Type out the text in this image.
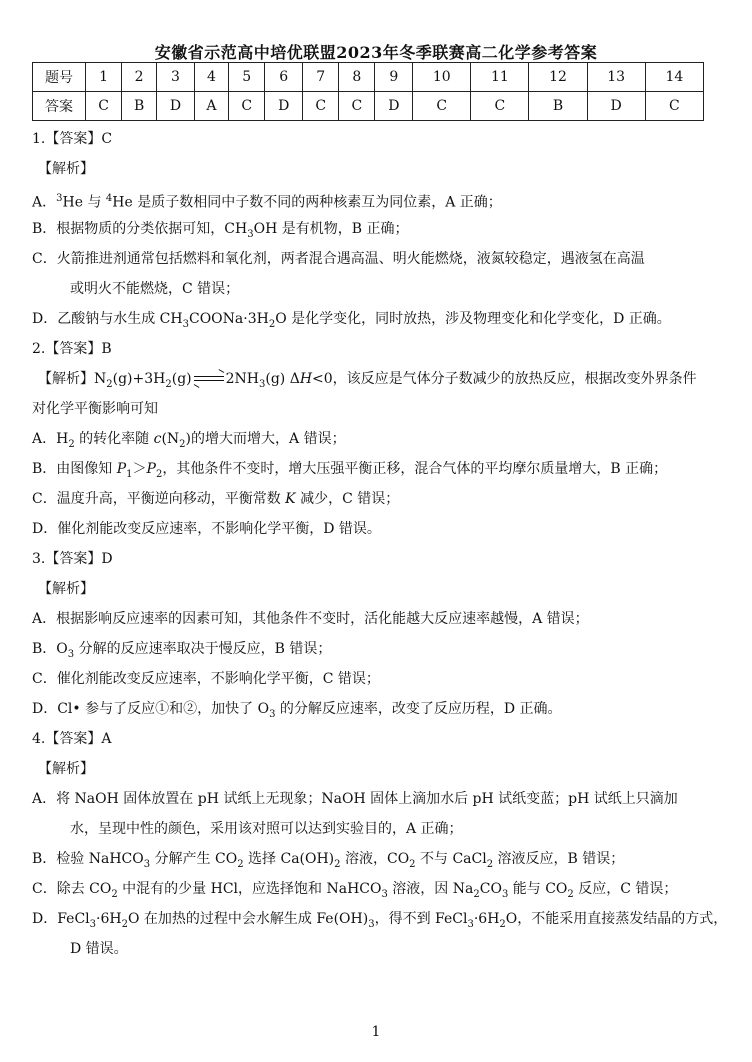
安徽省示范高中培优联盟2023年冬季联赛高二化学参考答案
题号	1	2	3	4	5	6	7	8	9	10	11	12	13	14
答案	C	B	D	A	C	D	C	C	D	C	C	B	D	C
1.【答案】C
【解析】
A．$^3$He 与 $^4$He 是质子数相同中子数不同的两种核素互为同位素，A 正确；
B．根据物质的分类依据可知，$CH_3OH$ 是有机物，B 正确；
C．火箭推进剂通常包括燃料和氧化剂，两者混合遇高温、明火能燃烧，液氮较稳定，遇液氢在高温
或明火不能燃烧，C 错误；
D．乙酸钠与水生成 $CH_3COONa\cdot 3H_2O$ 是化学变化，同时放热，涉及物理变化和化学变化，D 正确。
2.【答案】B
【解析】$N_2(g)+3H_2(g)$ $2NH_3(g)$ ΔH<0，该反应是气体分子数减少的放热反应，根据改变外界条件
对化学平衡影响可知
A．$H_2$ 的转化率随 $c(N_2)$的增大而增大，A 错误；
B．由图像知 $P_1>P_2$，其他条件不变时，增大压强平衡正移，混合气体的平均摩尔质量增大，B 正确；
C．温度升高，平衡逆向移动，平衡常数 K 减少，C 错误；
D．催化剂能改变反应速率，不影响化学平衡，D 错误。
3.【答案】D
【解析】
A．根据影响反应速率的因素可知，其他条件不变时，活化能越大反应速率越慢，A 错误；
B．$O_3$ 分解的反应速率取决于慢反应，B 错误；
C．催化剂能改变反应速率，不影响化学平衡，C 错误；
D．Cl• 参与了反应①和②，加快了 $O_3$ 的分解反应速率，改变了反应历程，D 正确。
4.【答案】A
【解析】
A．将 NaOH 固体放置在 pH 试纸上无现象；NaOH 固体上滴加水后 pH 试纸变蓝；pH 试纸上只滴加
水，呈现中性的颜色，采用该对照可以达到实验目的，A 正确；
B．检验 NaHCO$_3$ 分解产生 $CO_2$ 选择 $Ca(OH)_2$ 溶液，$CO_2$ 不与 CaCl$_2$ 溶液反应，B 错误；
C．除去 $CO_2$ 中混有的少量 HCl，应选择饱和 NaHCO$_3$ 溶液，因 $Na_2CO_3$ 能与 $CO_2$ 反应，C 错误；
D．$FeCl_3\cdot 6H_2O$ 在加热的过程中会水解生成 $Fe(OH)_3$，得不到 $FeCl_3\cdot 6H_2O$，不能采用直接蒸发结晶的方式，
D 错误。
1
